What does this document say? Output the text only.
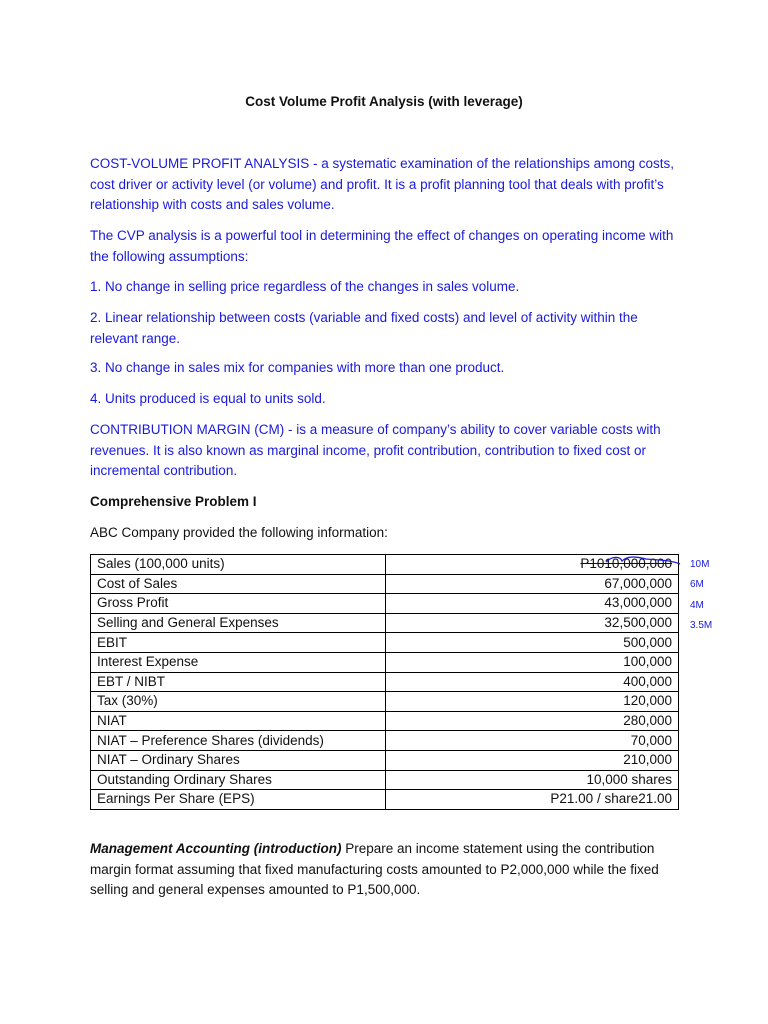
Cost Volume Profit Analysis (with leverage)

COST-VOLUME PROFIT ANALYSIS - a systematic examination of the relationships among costs, cost driver or activity level (or volume) and profit. It is a profit planning tool that deals with profit’s relationship with costs and sales volume.

The CVP analysis is a powerful tool in determining the effect of changes on operating income with the following assumptions:

1. No change in selling price regardless of the changes in sales volume.

2. Linear relationship between costs (variable and fixed costs) and level of activity within the relevant range.

3. No change in sales mix for companies with more than one product.

4. Units produced is equal to units sold.

CONTRIBUTION MARGIN (CM) - is a measure of company’s ability to cover variable costs with revenues. It is also known as marginal income, profit contribution, contribution to fixed cost or incremental contribution.

Comprehensive Problem I

ABC Company provided the following information:

Sales (100,000 units)	P1010,000,000
Cost of Sales	67,000,000
Gross Profit	43,000,000
Selling and General Expenses	32,500,000
EBIT	500,000
Interest Expense	100,000
EBT / NIBT	400,000
Tax (30%)	120,000
NIAT	280,000
NIAT – Preference Shares (dividends)	70,000
NIAT – Ordinary Shares	210,000
Outstanding Ordinary Shares	10,000 shares
Earnings Per Share (EPS)	P21.00 / share21.00
10M
6M
4M
3.5M

Management Accounting (introduction) Prepare an income statement using the contribution margin format assuming that fixed manufacturing costs amounted to P2,000,000 while the fixed selling and general expenses amounted to P1,500,000.
